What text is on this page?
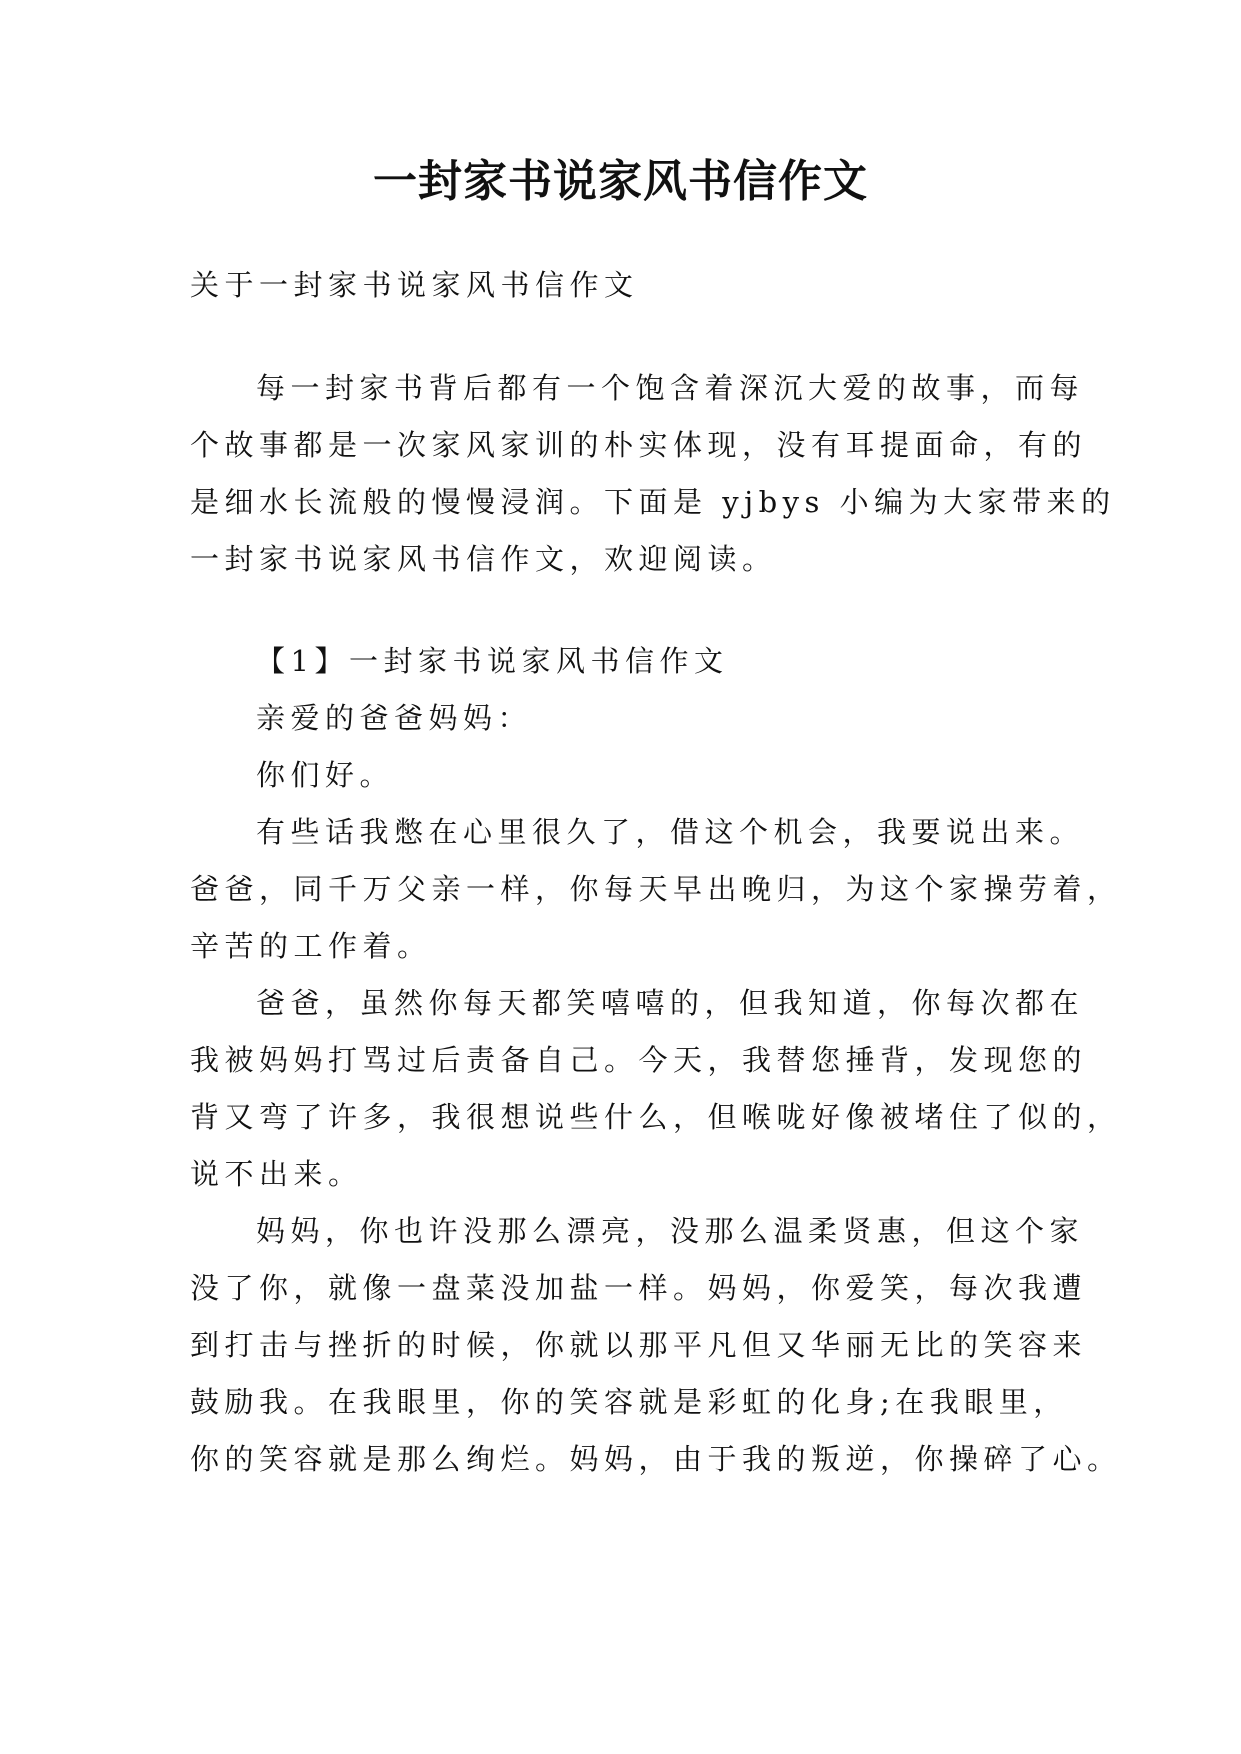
一封家书说家风书信作文

关于一封家书说家风书信作文

每一封家书背后都有一个饱含着深沉大爱的故事，而每

个故事都是一次家风家训的朴实体现，没有耳提面命，有的

是细水长流般的慢慢浸润。下面是 yjbys 小编为大家带来的

一封家书说家风书信作文，欢迎阅读。

【1】一封家书说家风书信作文

亲爱的爸爸妈妈：

你们好。

有些话我憋在心里很久了，借这个机会，我要说出来。

爸爸，同千万父亲一样，你每天早出晚归，为这个家操劳着，

辛苦的工作着。

爸爸，虽然你每天都笑嘻嘻的，但我知道，你每次都在

我被妈妈打骂过后责备自己。今天，我替您捶背，发现您的

背又弯了许多，我很想说些什么，但喉咙好像被堵住了似的，

说不出来。

妈妈，你也许没那么漂亮，没那么温柔贤惠，但这个家

没了你，就像一盘菜没加盐一样。妈妈，你爱笑，每次我遭

到打击与挫折的时候，你就以那平凡但又华丽无比的笑容来

鼓励我。在我眼里，你的笑容就是彩虹的化身;在我眼里，

你的笑容就是那么绚烂。妈妈，由于我的叛逆，你操碎了心。
